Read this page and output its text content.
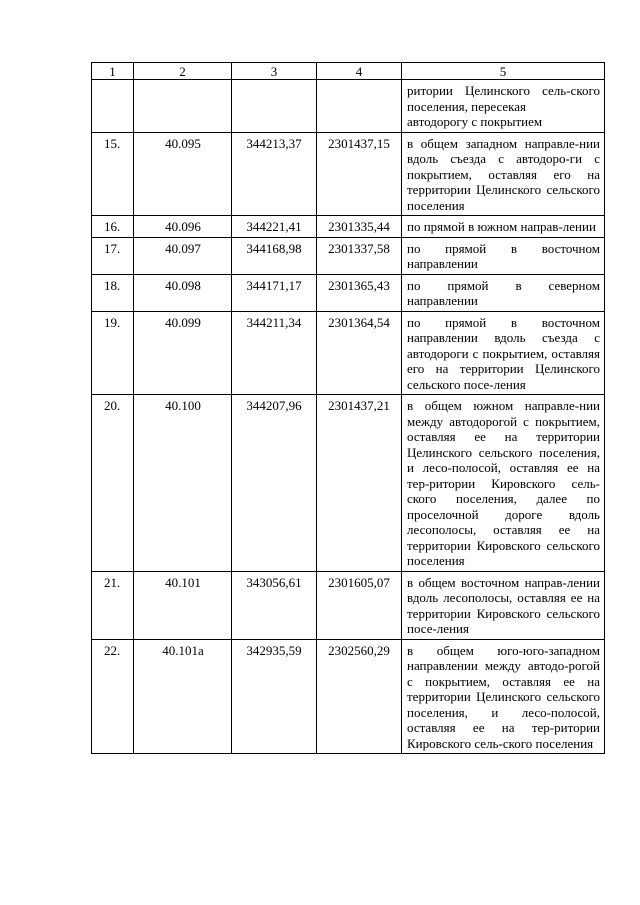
1	2	3	4	5

				ритории Целинского сель-ского поселения, пересекая
автодорогу с покрытием

15.	40.095	344213,37	2301437,15	в общем западном направле-нии вдоль съезда с автодоро-ги с покрытием, оставляя его на территории Целинского сельского поселения
16.	40.096	344221,41	2301335,44	по прямой в южном направ-лении
17.	40.097	344168,98	2301337,58	по прямой в восточном направлении
18.	40.098	344171,17	2301365,43	по прямой в северном направлении
19.	40.099	344211,34	2301364,54	по прямой в восточном направлении вдоль съезда с автодороги с покрытием, оставляя его на территории Целинского сельского посе-ления
20.	40.100	344207,96	2301437,21	в общем южном направле-нии между автодорогой с покрытием, оставляя ее на территории Целинского сельского поселения, и лесо-полосой, оставляя ее на тер-ритории Кировского сель-ского поселения, далее по проселочной дороге вдоль лесополосы, оставляя ее на территории Кировского сельского поселения
21.	40.101	343056,61	2301605,07	в общем восточном направ-лении вдоль лесополосы, оставляя ее на территории Кировского сельского посе-ления
22.	40.101а	342935,59	2302560,29	в общем юго-юго-западном направлении между автодо-рогой с покрытием, оставляя ее на территории Целинского сельского поселения, и лесо-полосой, оставляя ее на тер-ритории Кировского сель-ского поселения
